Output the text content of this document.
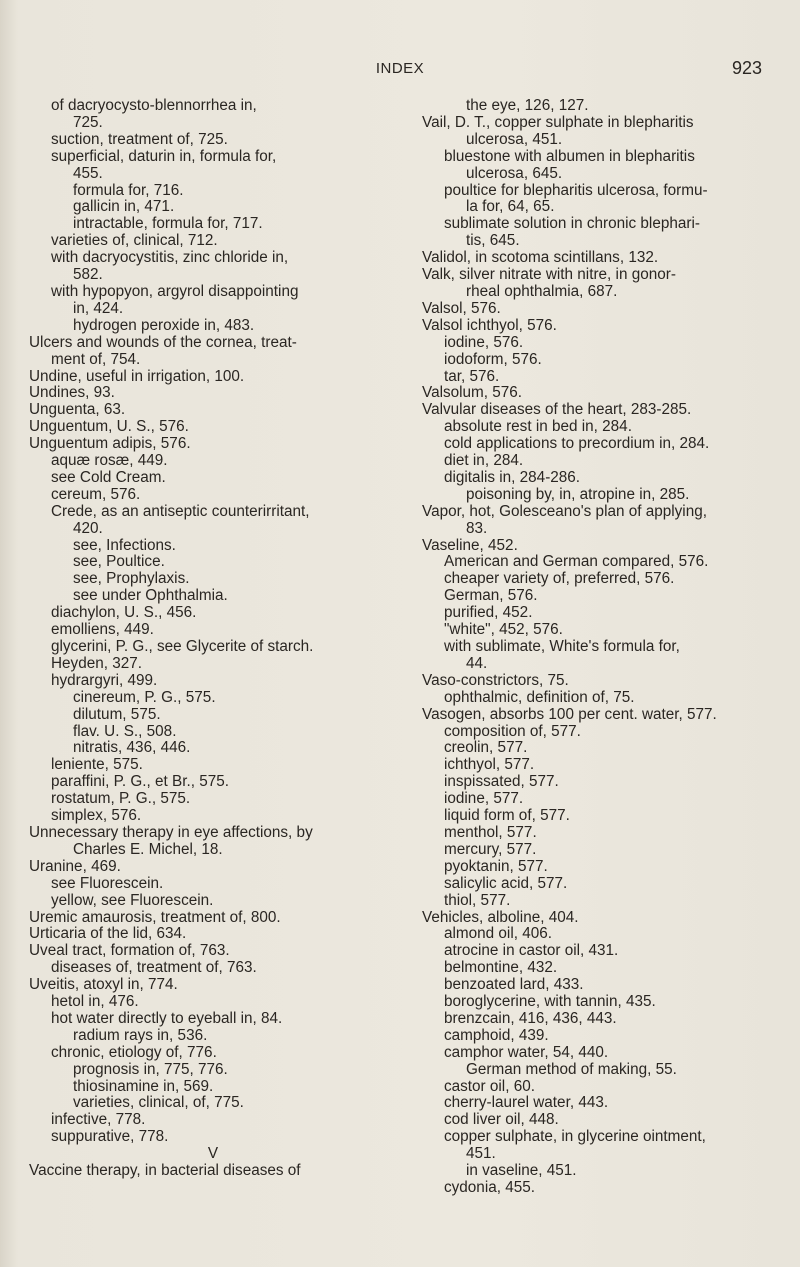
INDEX	923
of dacryocysto-blennorrhea in,
725.
suction, treatment of, 725.
superficial, daturin in, formula for,
455.
formula for, 716.
gallicin in, 471.
intractable, formula for, 717.
varieties of, clinical, 712.
with dacryocystitis, zinc chloride in,
582.
with hypopyon, argyrol disappointing
in, 424.
hydrogen peroxide in, 483.
Ulcers and wounds of the cornea, treat-
ment of, 754.
Undine, useful in irrigation, 100.
Undines, 93.
Unguenta, 63.
Unguentum, U. S., 576.
Unguentum adipis, 576.
aquæ rosæ, 449.
see Cold Cream.
cereum, 576.
Crede, as an antiseptic counterirritant,
420.
see, Infections.
see, Poultice.
see, Prophylaxis.
see under Ophthalmia.
diachylon, U. S., 456.
emolliens, 449.
glycerini, P. G., see Glycerite of starch.
Heyden, 327.
hydrargyri, 499.
cinereum, P. G., 575.
dilutum, 575.
flav. U. S., 508.
nitratis, 436, 446.
leniente, 575.
paraffini, P. G., et Br., 575.
rostatum, P. G., 575.
simplex, 576.
Unnecessary therapy in eye affections, by
Charles E. Michel, 18.
Uranine, 469.
see Fluorescein.
yellow, see Fluorescein.
Uremic amaurosis, treatment of, 800.
Urticaria of the lid, 634.
Uveal tract, formation of, 763.
diseases of, treatment of, 763.
Uveitis, atoxyl in, 774.
hetol in, 476.
hot water directly to eyeball in, 84.
radium rays in, 536.
chronic, etiology of, 776.
prognosis in, 775, 776.
thiosinamine in, 569.
varieties, clinical, of, 775.
infective, 778.
suppurative, 778.
V
Vaccine therapy, in bacterial diseases of
the eye, 126, 127.
Vail, D. T., copper sulphate in blepharitis
ulcerosa, 451.
bluestone with albumen in blepharitis
ulcerosa, 645.
poultice for blepharitis ulcerosa, formu-
la for, 64, 65.
sublimate solution in chronic blephari-
tis, 645.
Validol, in scotoma scintillans, 132.
Valk, silver nitrate with nitre, in gonor-
rheal ophthalmia, 687.
Valsol, 576.
Valsol ichthyol, 576.
iodine, 576.
iodoform, 576.
tar, 576.
Valsolum, 576.
Valvular diseases of the heart, 283-285.
absolute rest in bed in, 284.
cold applications to precordium in, 284.
diet in, 284.
digitalis in, 284-286.
poisoning by, in, atropine in, 285.
Vapor, hot, Golesceano's plan of applying,
83.
Vaseline, 452.
American and German compared, 576.
cheaper variety of, preferred, 576.
German, 576.
purified, 452.
"white", 452, 576.
with sublimate, White's formula for,
44.
Vaso-constrictors, 75.
ophthalmic, definition of, 75.
Vasogen, absorbs 100 per cent. water, 577.
composition of, 577.
creolin, 577.
ichthyol, 577.
inspissated, 577.
iodine, 577.
liquid form of, 577.
menthol, 577.
mercury, 577.
pyoktanin, 577.
salicylic acid, 577.
thiol, 577.
Vehicles, alboline, 404.
almond oil, 406.
atrocine in castor oil, 431.
belmontine, 432.
benzoated lard, 433.
boroglycerine, with tannin, 435.
brenzcain, 416, 436, 443.
camphoid, 439.
camphor water, 54, 440.
German method of making, 55.
castor oil, 60.
cherry-laurel water, 443.
cod liver oil, 448.
copper sulphate, in glycerine ointment,
451.
in vaseline, 451.
cydonia, 455.
